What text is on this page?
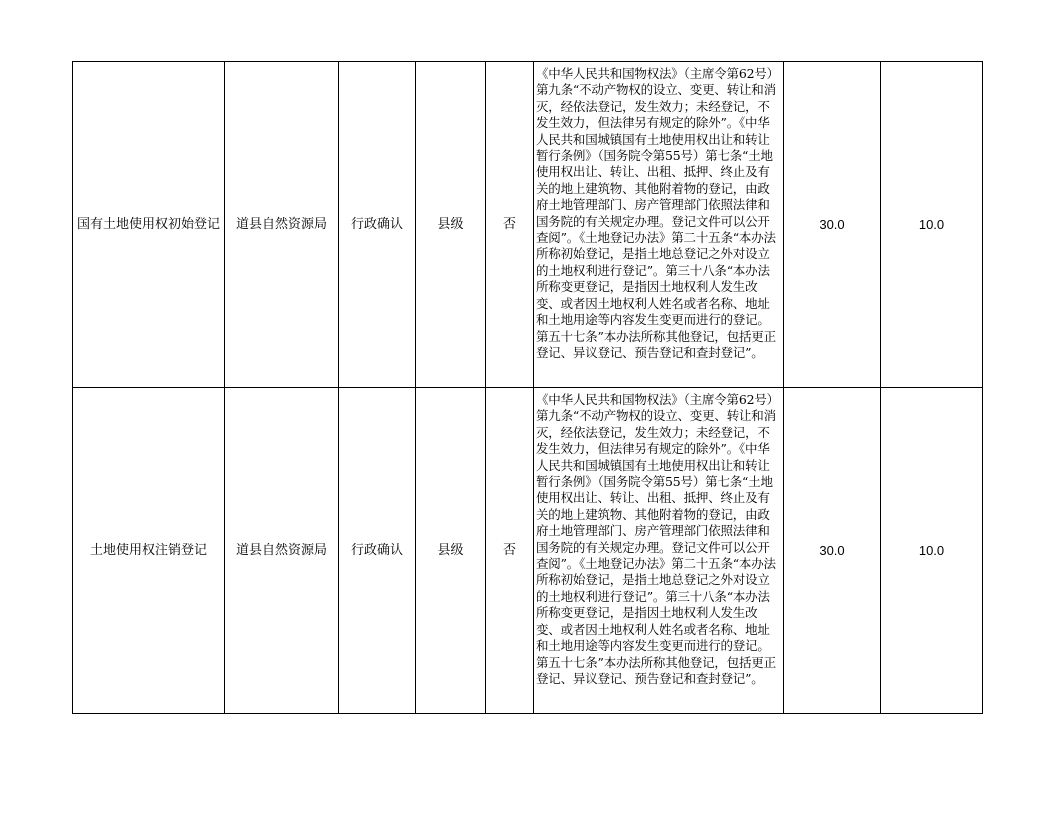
国有土地使用权初始登记	道县自然资源局	行政确认	县级	否	《中华人民共和国物权法》（主席令第62号）第九条“不动产物权的设立、变更、转让和消灭，经依法登记，发生效力；未经登记，不发生效力，但法律另有规定的除外”。《中华人民共和国城镇国有土地使用权出让和转让暂行条例》（国务院令第55号）第七条“土地使用权出让、转让、出租、抵押、终止及有关的地上建筑物、其他附着物的登记，由政府土地管理部门、房产管理部门依照法律和国务院的有关规定办理。登记文件可以公开查阅”。《土地登记办法》第二十五条“本办法所称初始登记，是指土地总登记之外对设立的土地权利进行登记”。第三十八条“本办法所称变更登记，是指因土地权利人发生改变、或者因土地权利人姓名或者名称、地址和土地用途等内容发生变更而进行的登记。第五十七条”本办法所称其他登记，包括更正登记、异议登记、预告登记和查封登记”。	30.0	10.0
土地使用权注销登记	道县自然资源局	行政确认	县级	否	《中华人民共和国物权法》（主席令第62号）第九条“不动产物权的设立、变更、转让和消灭，经依法登记，发生效力；未经登记，不发生效力，但法律另有规定的除外”。《中华人民共和国城镇国有土地使用权出让和转让暂行条例》（国务院令第55号）第七条“土地使用权出让、转让、出租、抵押、终止及有关的地上建筑物、其他附着物的登记，由政府土地管理部门、房产管理部门依照法律和国务院的有关规定办理。登记文件可以公开查阅”。《土地登记办法》第二十五条“本办法所称初始登记，是指土地总登记之外对设立的土地权利进行登记”。第三十八条“本办法所称变更登记，是指因土地权利人发生改变、或者因土地权利人姓名或者名称、地址和土地用途等内容发生变更而进行的登记。第五十七条”本办法所称其他登记，包括更正登记、异议登记、预告登记和查封登记”。	30.0	10.0
